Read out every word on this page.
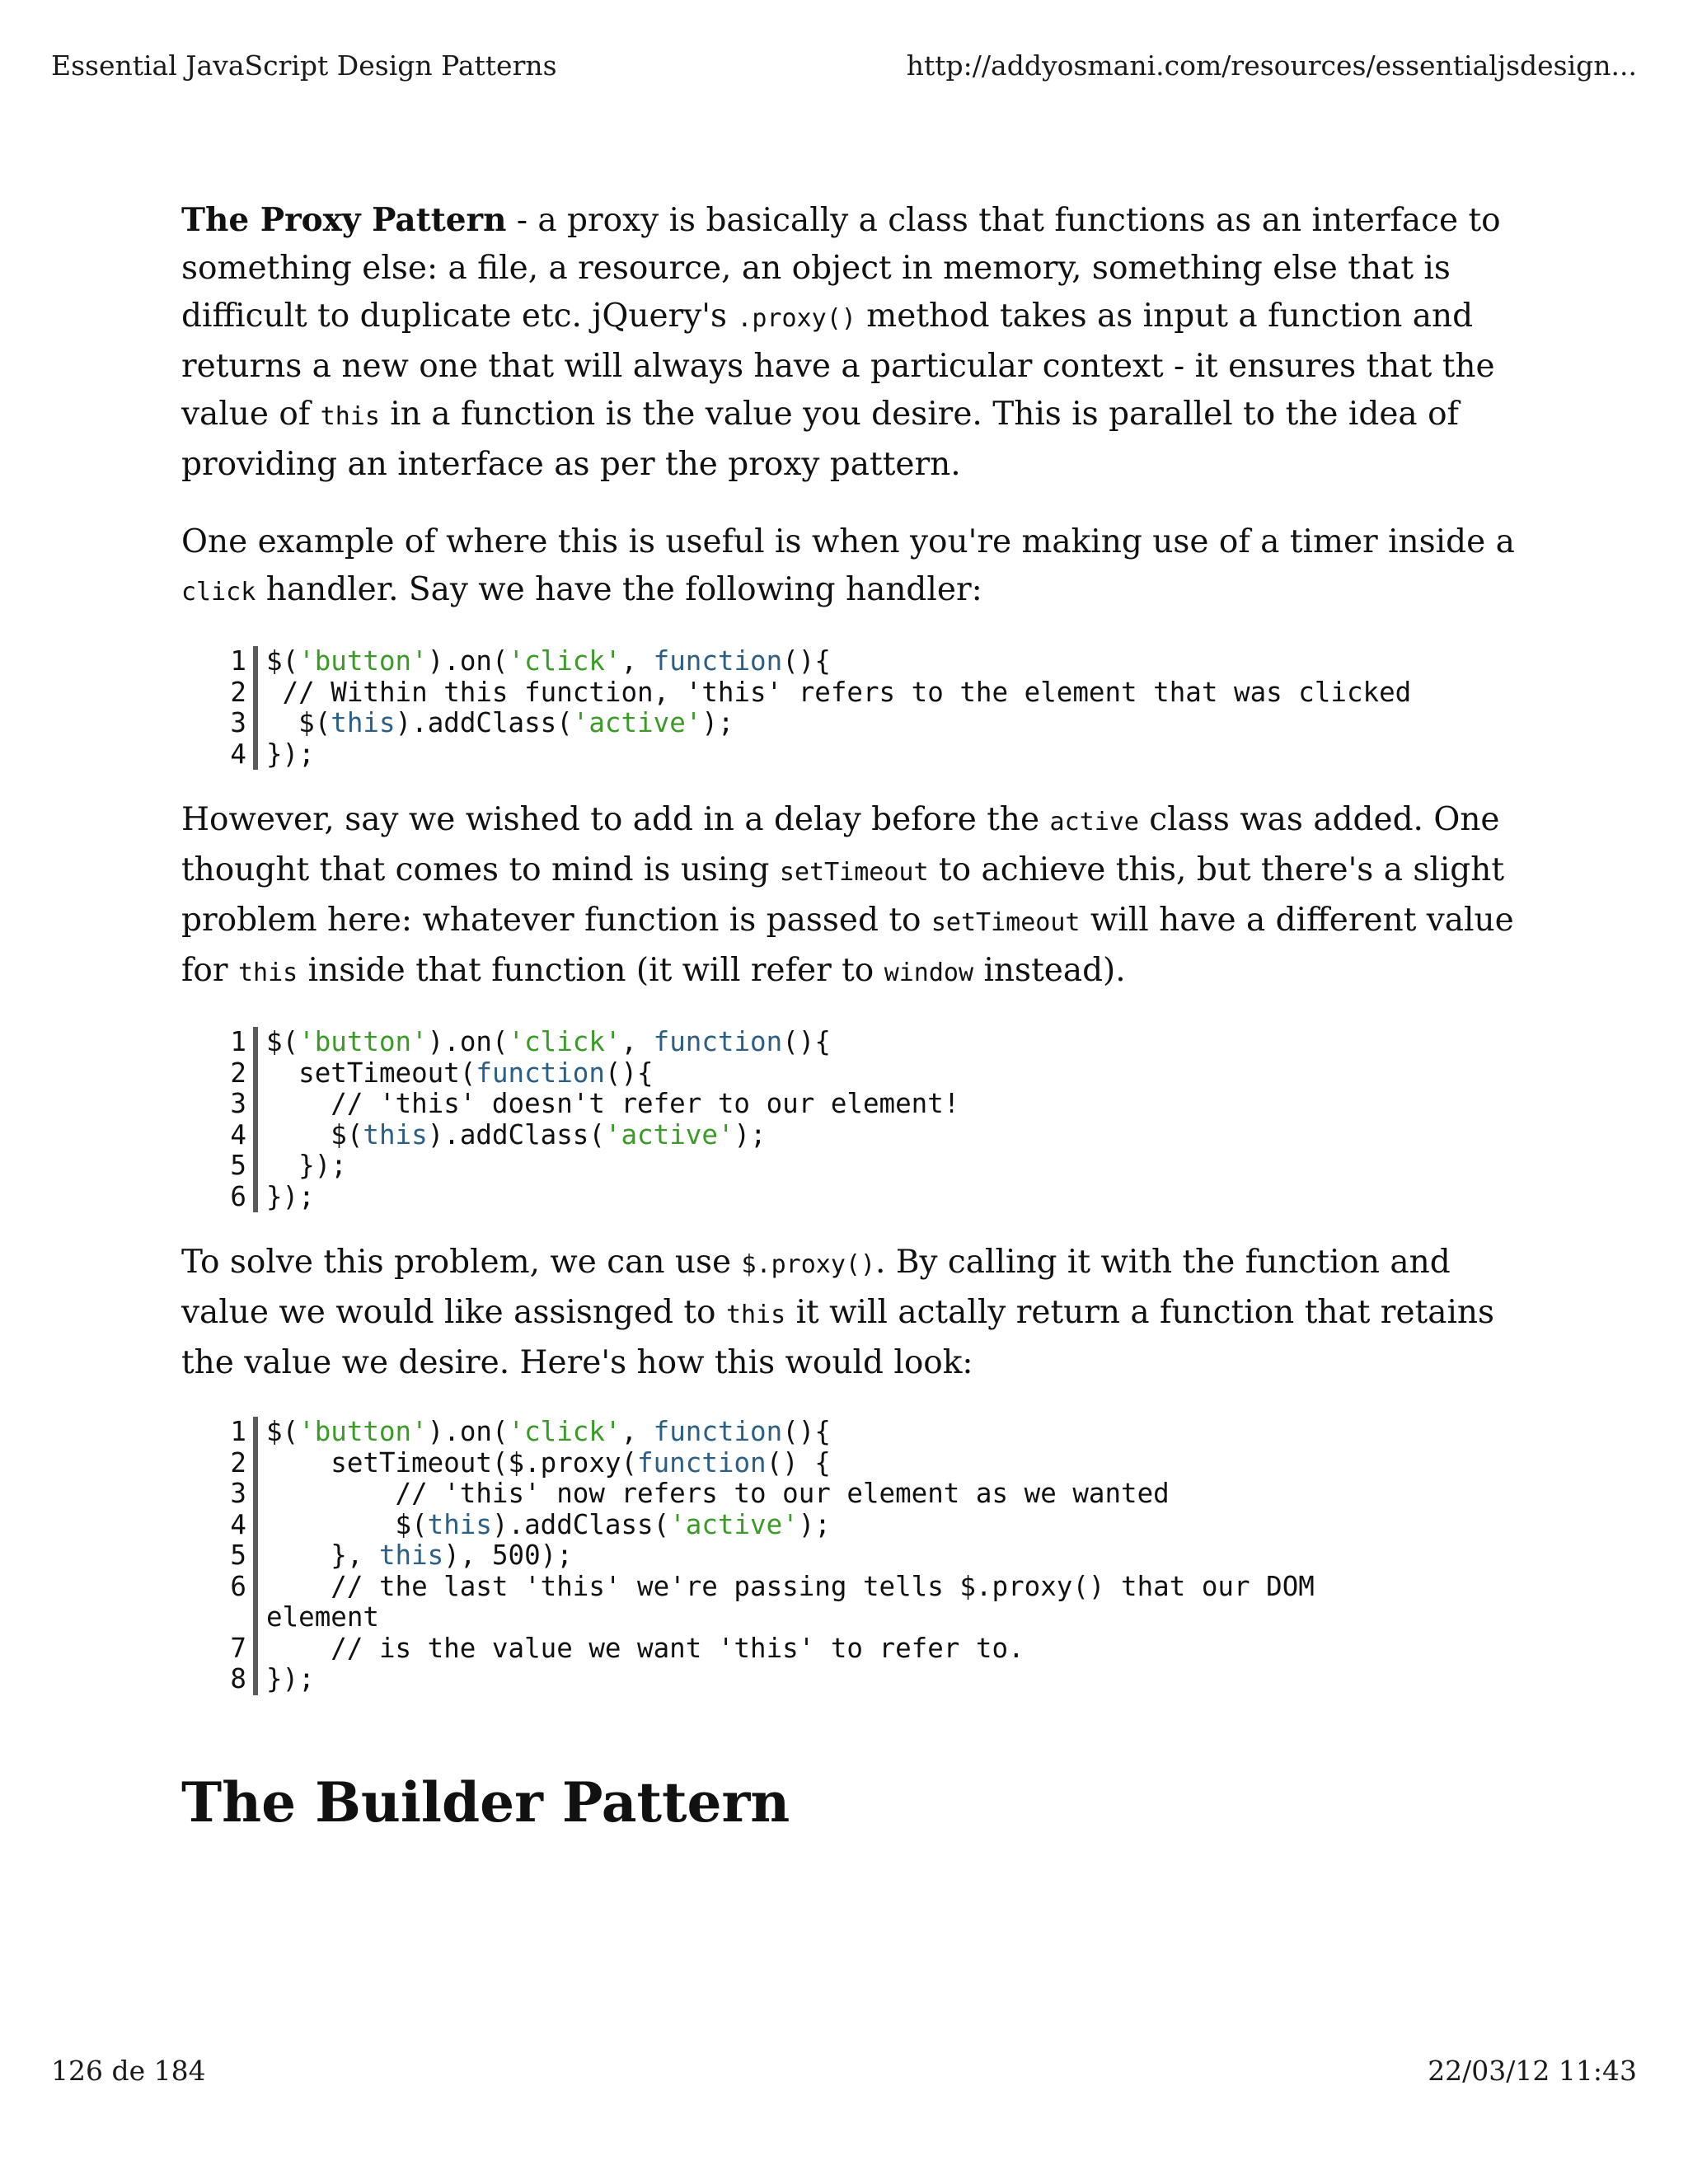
Essential JavaScript Design Patterns	http://addyosmani.com/resources/essentialjsdesign...

The Proxy Pattern - a proxy is basically a class that functions as an interface to something else: a file, a resource, an object in memory, something else that is difficult to duplicate etc. jQuery's .proxy() method takes as input a function and returns a new one that will always have a particular context - it ensures that the value of this in a function is the value you desire. This is parallel to the idea of providing an interface as per the proxy pattern.

One example of where this is useful is when you're making use of a timer inside a click handler. Say we have the following handler:

1 $('button').on('click', function(){
2 // Within this function, 'this' refers to the element that was clicked
3 $(this).addClass('active');
4 });

However, say we wished to add in a delay before the active class was added. One thought that comes to mind is using setTimeout to achieve this, but there's a slight problem here: whatever function is passed to setTimeout will have a different value for this inside that function (it will refer to window instead).

1 $('button').on('click', function(){
2 setTimeout(function(){
3 // 'this' doesn't refer to our element!
4 $(this).addClass('active');
5 });
6 });

To solve this problem, we can use $.proxy(). By calling it with the function and value we would like assisnged to this it will actally return a function that retains the value we desire. Here's how this would look:

1 $('button').on('click', function(){
2 setTimeout($.proxy(function() {
3 // 'this' now refers to our element as we wanted
4 $(this).addClass('active');
5 }, this), 500);
6 // the last 'this' we're passing tells $.proxy() that our DOM
element
7 // is the value we want 'this' to refer to.
8 });
The Builder Pattern
126 de 184	22/03/12 11:43
